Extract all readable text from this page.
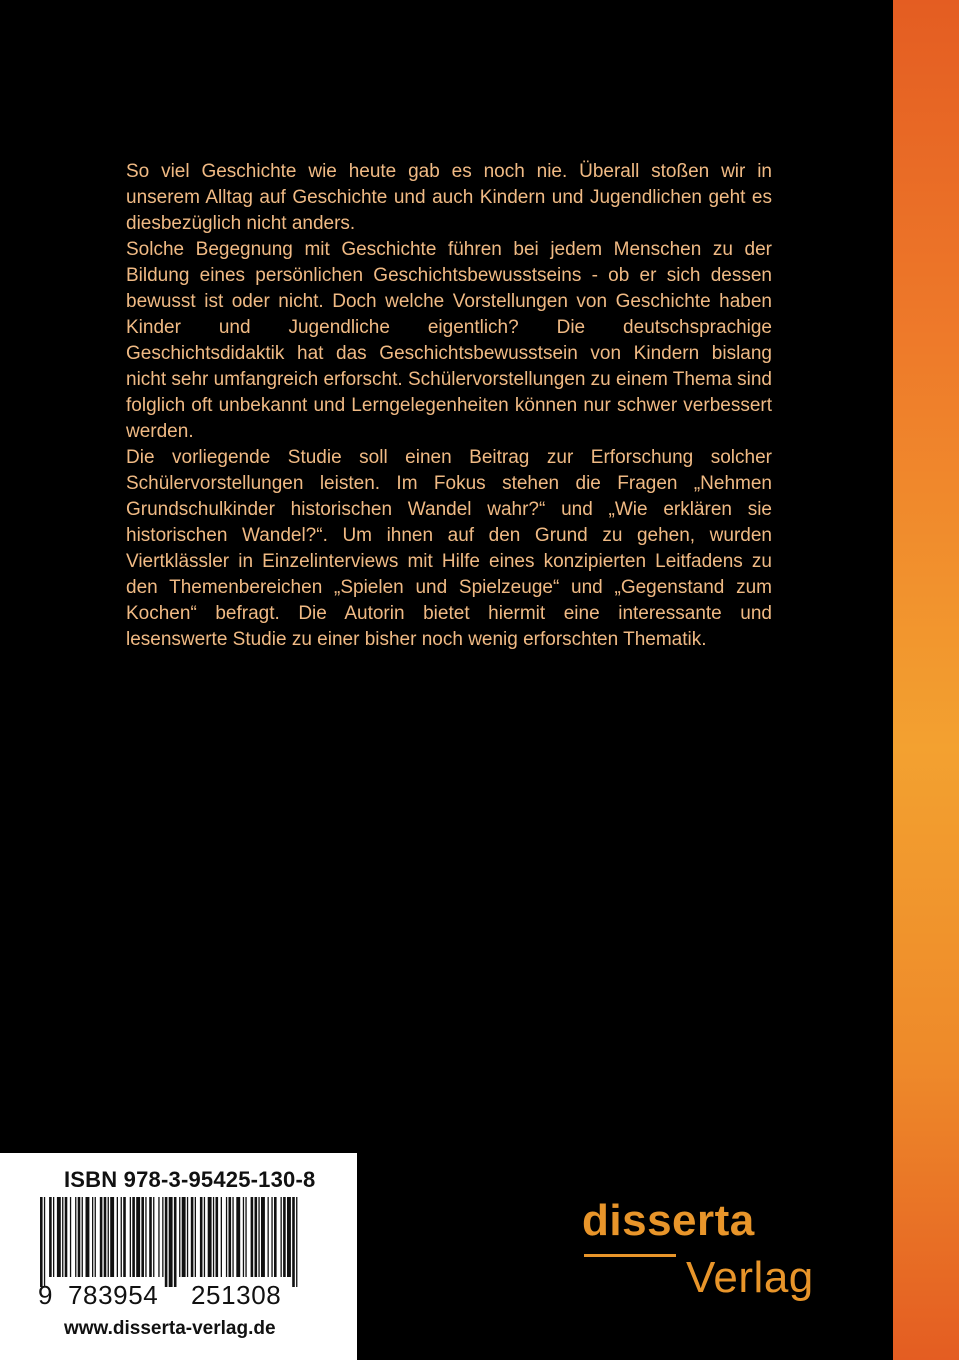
So viel Geschichte wie heute gab es noch nie. Überall stoßen wir in unserem Alltag auf Geschichte und auch Kindern und Jugendlichen geht es diesbezüglich nicht anders.

Solche Begegnung mit Geschichte führen bei jedem Menschen zu der Bildung eines persönlichen Geschichtsbewusstseins - ob er sich dessen bewusst ist oder nicht. Doch welche Vorstellungen von Geschichte haben Kinder und Jugendliche eigentlich? Die deutschsprachige Geschichtsdidaktik hat das Geschichtsbewusstsein von Kindern bislang nicht sehr umfangreich erforscht. Schülervorstellungen zu einem Thema sind folglich oft unbekannt und Lerngelegenheiten können nur schwer verbessert werden.

Die vorliegende Studie soll einen Beitrag zur Erforschung solcher Schülervorstellungen leisten. Im Fokus stehen die Fragen „Nehmen Grundschulkinder historischen Wandel wahr?“ und „Wie erklären sie historischen Wandel?“. Um ihnen auf den Grund zu gehen, wurden Viertklässler in Einzelinterviews mit Hilfe eines konzipierten Leitfadens zu den Themenbereichen „Spielen und Spielzeuge“ und „Gegenstand zum Kochen“ befragt. Die Autorin bietet hiermit eine interessante und lesenswerte Studie zu einer bisher noch wenig erforschten Thematik.

ISBN 978-3-95425-130-8
9 783954 251308
www.disserta-verlag.de
disserta
Verlag
